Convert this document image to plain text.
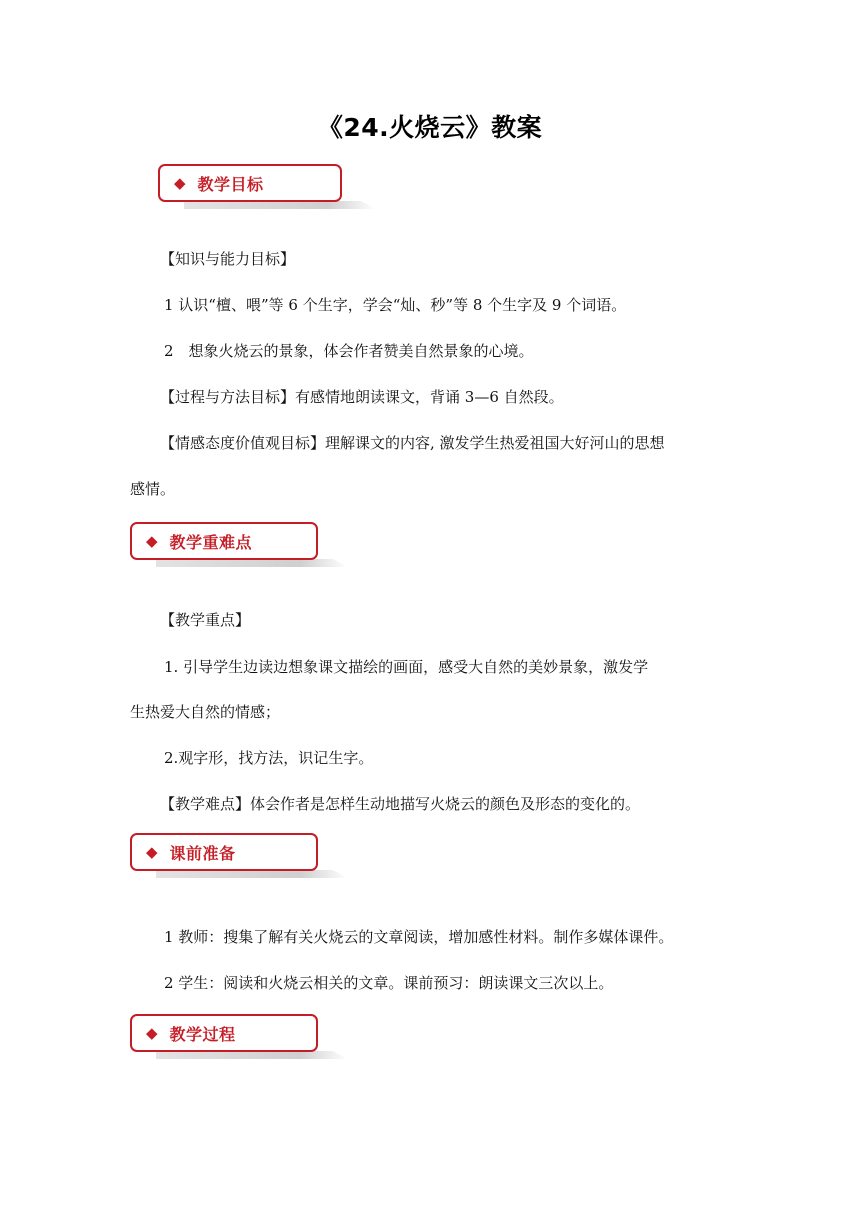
《24.火烧云》教案
◆ 教学目标
【知识与能力目标】
1 认识“檀、喂”等 6 个生字，学会“灿、秒”等 8 个生字及 9 个词语。
2　想象火烧云的景象，体会作者赞美自然景象的心境。
【过程与方法目标】有感情地朗读课文，背诵 3—6 自然段。
【情感态度价值观目标】理解课文的内容, 激发学生热爱祖国大好河山的思想
感情。
◆ 教学重难点
【教学重点】
1. 引导学生边读边想象课文描绘的画面，感受大自然的美妙景象，激发学
生热爱大自然的情感；
2.观字形，找方法，识记生字。
【教学难点】体会作者是怎样生动地描写火烧云的颜色及形态的变化的。
◆ 课前准备
1 教师：搜集了解有关火烧云的文章阅读，增加感性材料。制作多媒体课件。
2 学生：阅读和火烧云相关的文章。课前预习：朗读课文三次以上。
◆ 教学过程
